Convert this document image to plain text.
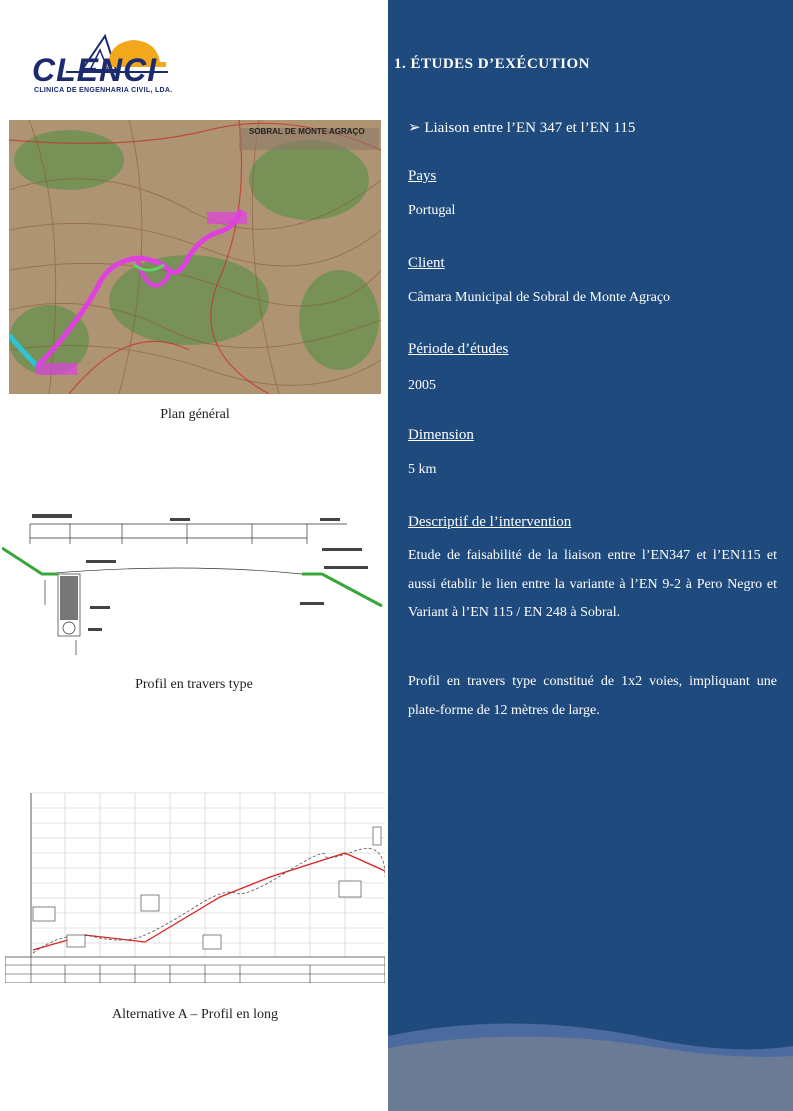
CLENCI
CLINICA DE ENGENHARIA CIVIL, LDA.
SOBRAL DE MONTE AGRAÇO
Plan général
Profil en travers type
Alternative A – Profil en long
1. ÉTUDES D’EXÉCUTION
➢ Liaison entre l’EN 347 et l’EN 115
Pays
Portugal
Client
Câmara Municipal de Sobral de Monte Agraço
Période d’études
2005
Dimension
5 km
Descriptif de l’intervention
Etude de faisabilité de la liaison entre l’EN347 et l’EN115 et aussi établir le lien entre la variante à l’EN 9-2 à Pero Negro et Variant à l’EN 115 / EN 248 à Sobral.
Profil en travers type constitué de 1x2 voies, impliquant une plate-forme de 12 mètres de large.
